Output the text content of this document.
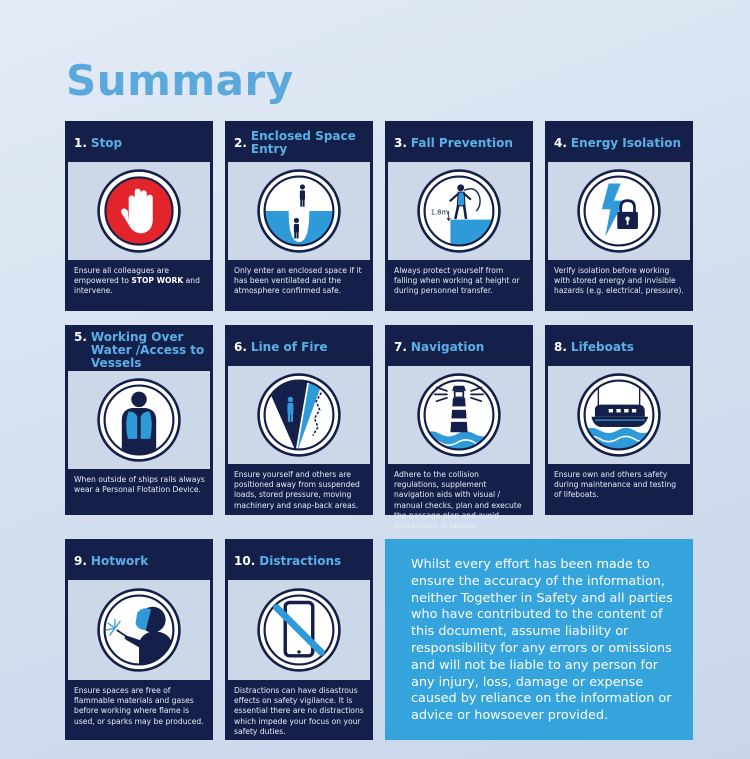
Summary
1. Stop
Ensure all colleagues are empowered to STOP WORK and intervene.
2. Enclosed Space Entry
Only enter an enclosed space if it has been ventilated and the atmosphere confirmed safe.
3. Fall Prevention
1.8m
Always protect yourself from falling when working at height or during personnel transfer.
4. Energy Isolation
Verify isolation before working with stored energy and invisible hazards (e.g. electrical, pressure).
5. Working Over Water /Access to Vessels
When outside of ships rails always wear a Personal Flotation Device.
6. Line of Fire
Ensure yourself and others are positioned away from suspended loads, stored pressure, moving machinery and snap-back areas.
7. Navigation
Adhere to the collision regulations, supplement navigation aids with visual / manual checks, plan and execute the passage plan and avoid distractions & fatigue.
8. Lifeboats
Ensure own and others safety during maintenance and testing of lifeboats.
9. Hotwork
Ensure spaces are free of flammable materials and gases before working where flame is used, or sparks may be produced.
10. Distractions
Distractions can have disastrous effects on safety vigilance. It is essential there are no distractions which impede your focus on your safety duties.
Whilst every effort has been made to ensure the accuracy of the information, neither Together in Safety and all parties who have contributed to the content of this document, assume liability or responsibility for any errors or omissions and will not be liable to any person for any injury, loss, damage or expense caused by reliance on the information or advice or howsoever provided.
